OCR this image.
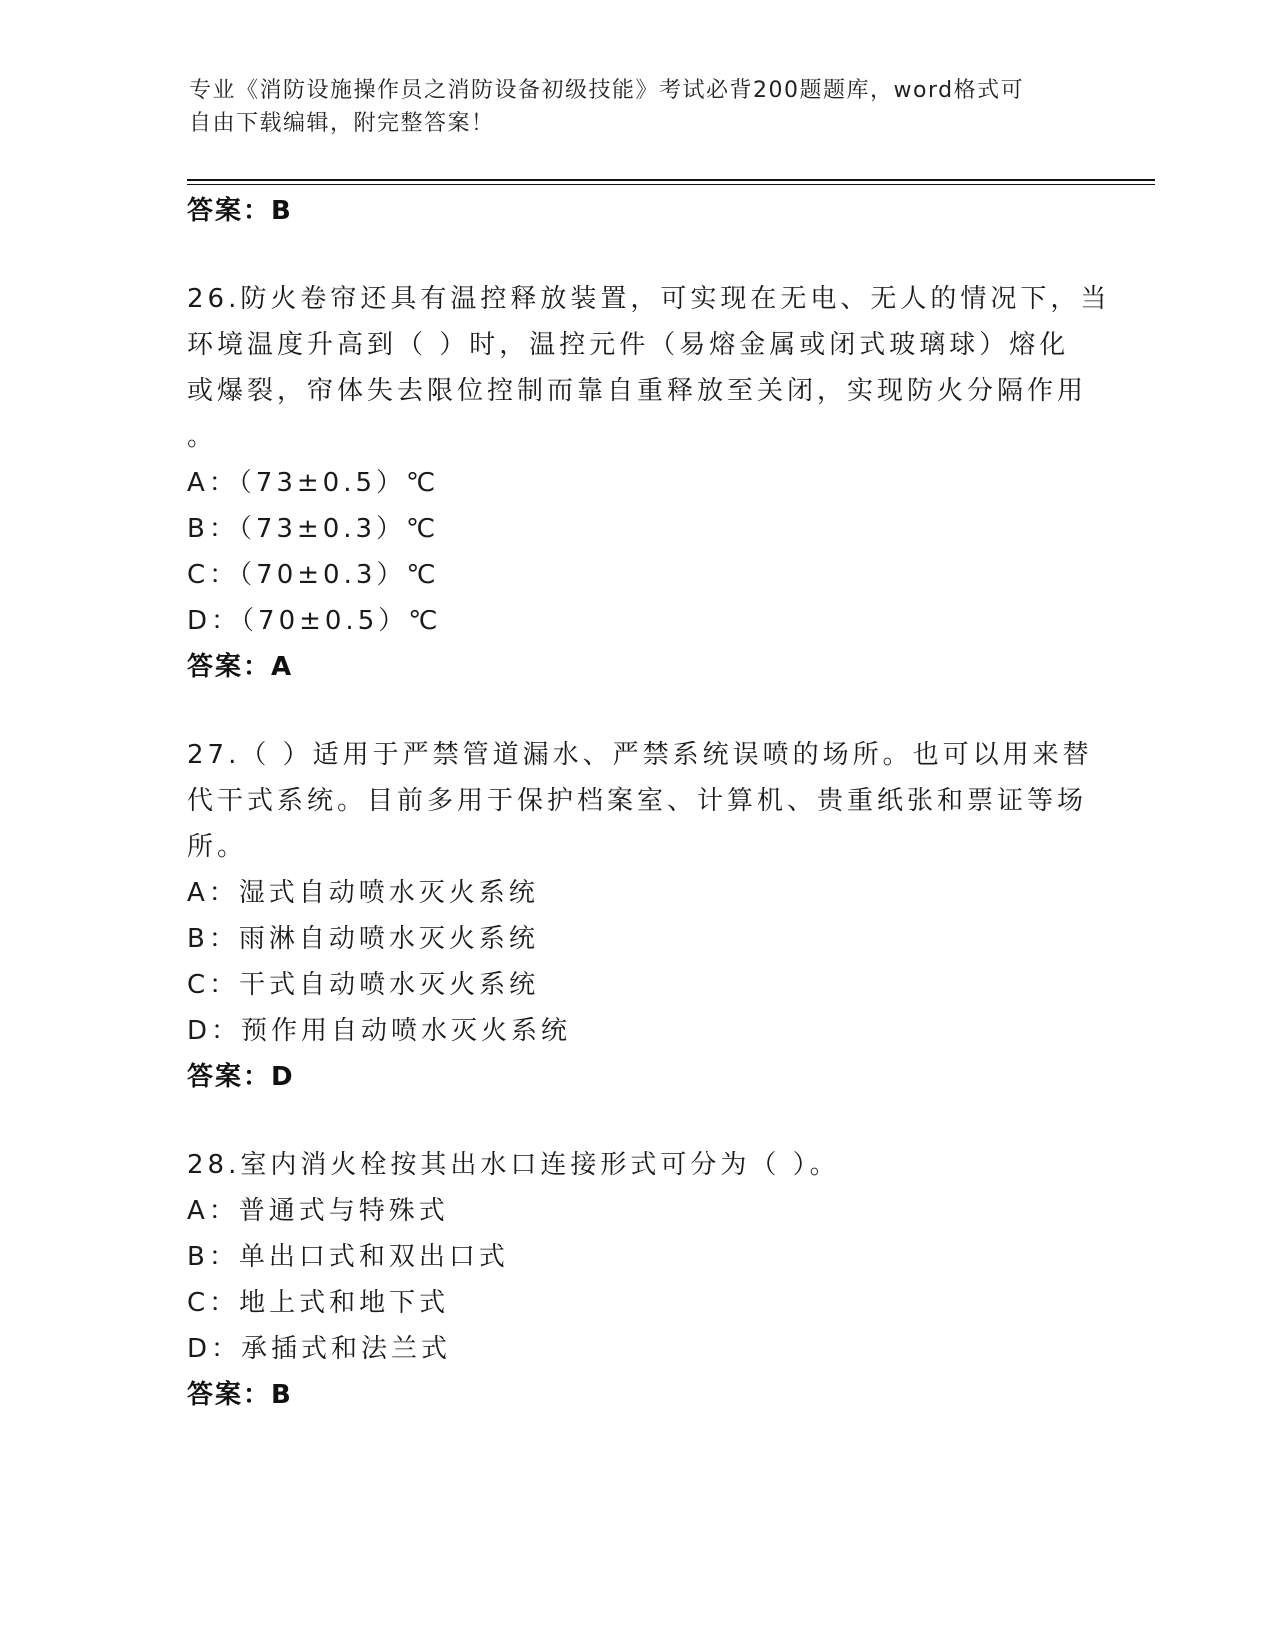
专业《消防设施操作员之消防设备初级技能》考试必背200题题库，word格式可
自由下载编辑，附完整答案！
答案：B
26.防火卷帘还具有温控释放装置，可实现在无电、无人的情况下，当
环境温度升高到（ ）时，温控元件（易熔金属或闭式玻璃球）熔化
或爆裂，帘体失去限位控制而靠自重释放至关闭，实现防火分隔作用
。
A：（73±0.5）℃
B：（73±0.3）℃
C：（70±0.3）℃
D：（70±0.5）℃
答案：A
27.（ ）适用于严禁管道漏水、严禁系统误喷的场所。也可以用来替
代干式系统。目前多用于保护档案室、计算机、贵重纸张和票证等场
所。
A：湿式自动喷水灭火系统
B：雨淋自动喷水灭火系统
C：干式自动喷水灭火系统
D：预作用自动喷水灭火系统
答案：D
28.室内消火栓按其出水口连接形式可分为（ ）。
A：普通式与特殊式
B：单出口式和双出口式
C：地上式和地下式
D：承插式和法兰式
答案：B
